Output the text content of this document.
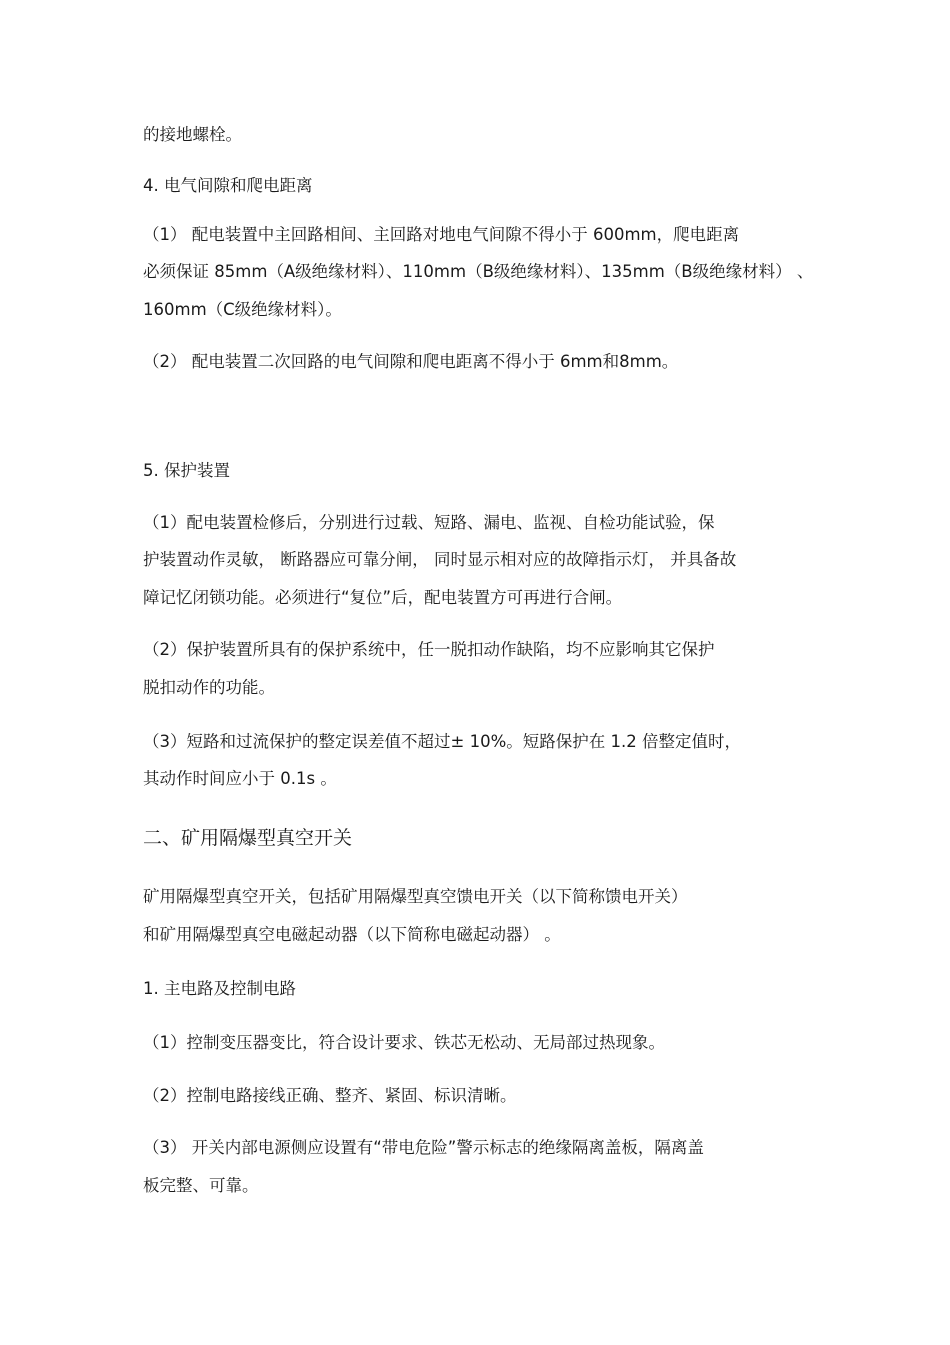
的接地螺栓。
4. 电气间隙和爬电距离
（1） 配电装置中主回路相间、主回路对地电气间隙不得小于 600mm，爬电距离
必须保证 85mm（A级绝缘材料）、110mm（B级绝缘材料）、135mm（B级绝缘材料） 、
160mm（C级绝缘材料）。
（2） 配电装置二次回路的电气间隙和爬电距离不得小于 6mm和8mm。
5. 保护装置
（1）配电装置检修后，分别进行过载、短路、漏电、监视、自检功能试验，保
护装置动作灵敏， 断路器应可靠分闸， 同时显示相对应的故障指示灯， 并具备故
障记忆闭锁功能。必须进行“复位”后，配电装置方可再进行合闸。
（2）保护装置所具有的保护系统中，任一脱扣动作缺陷，均不应影响其它保护
脱扣动作的功能。
（3）短路和过流保护的整定误差值不超过± 10%。短路保护在 1.2 倍整定值时，
其动作时间应小于 0.1s 。
二、矿用隔爆型真空开关
矿用隔爆型真空开关，包括矿用隔爆型真空馈电开关（以下简称馈电开关）
和矿用隔爆型真空电磁起动器（以下简称电磁起动器） 。
1. 主电路及控制电路
（1）控制变压器变比，符合设计要求、铁芯无松动、无局部过热现象。
（2）控制电路接线正确、整齐、紧固、标识清晰。
（3） 开关内部电源侧应设置有“带电危险”警示标志的绝缘隔离盖板，隔离盖
板完整、可靠。
